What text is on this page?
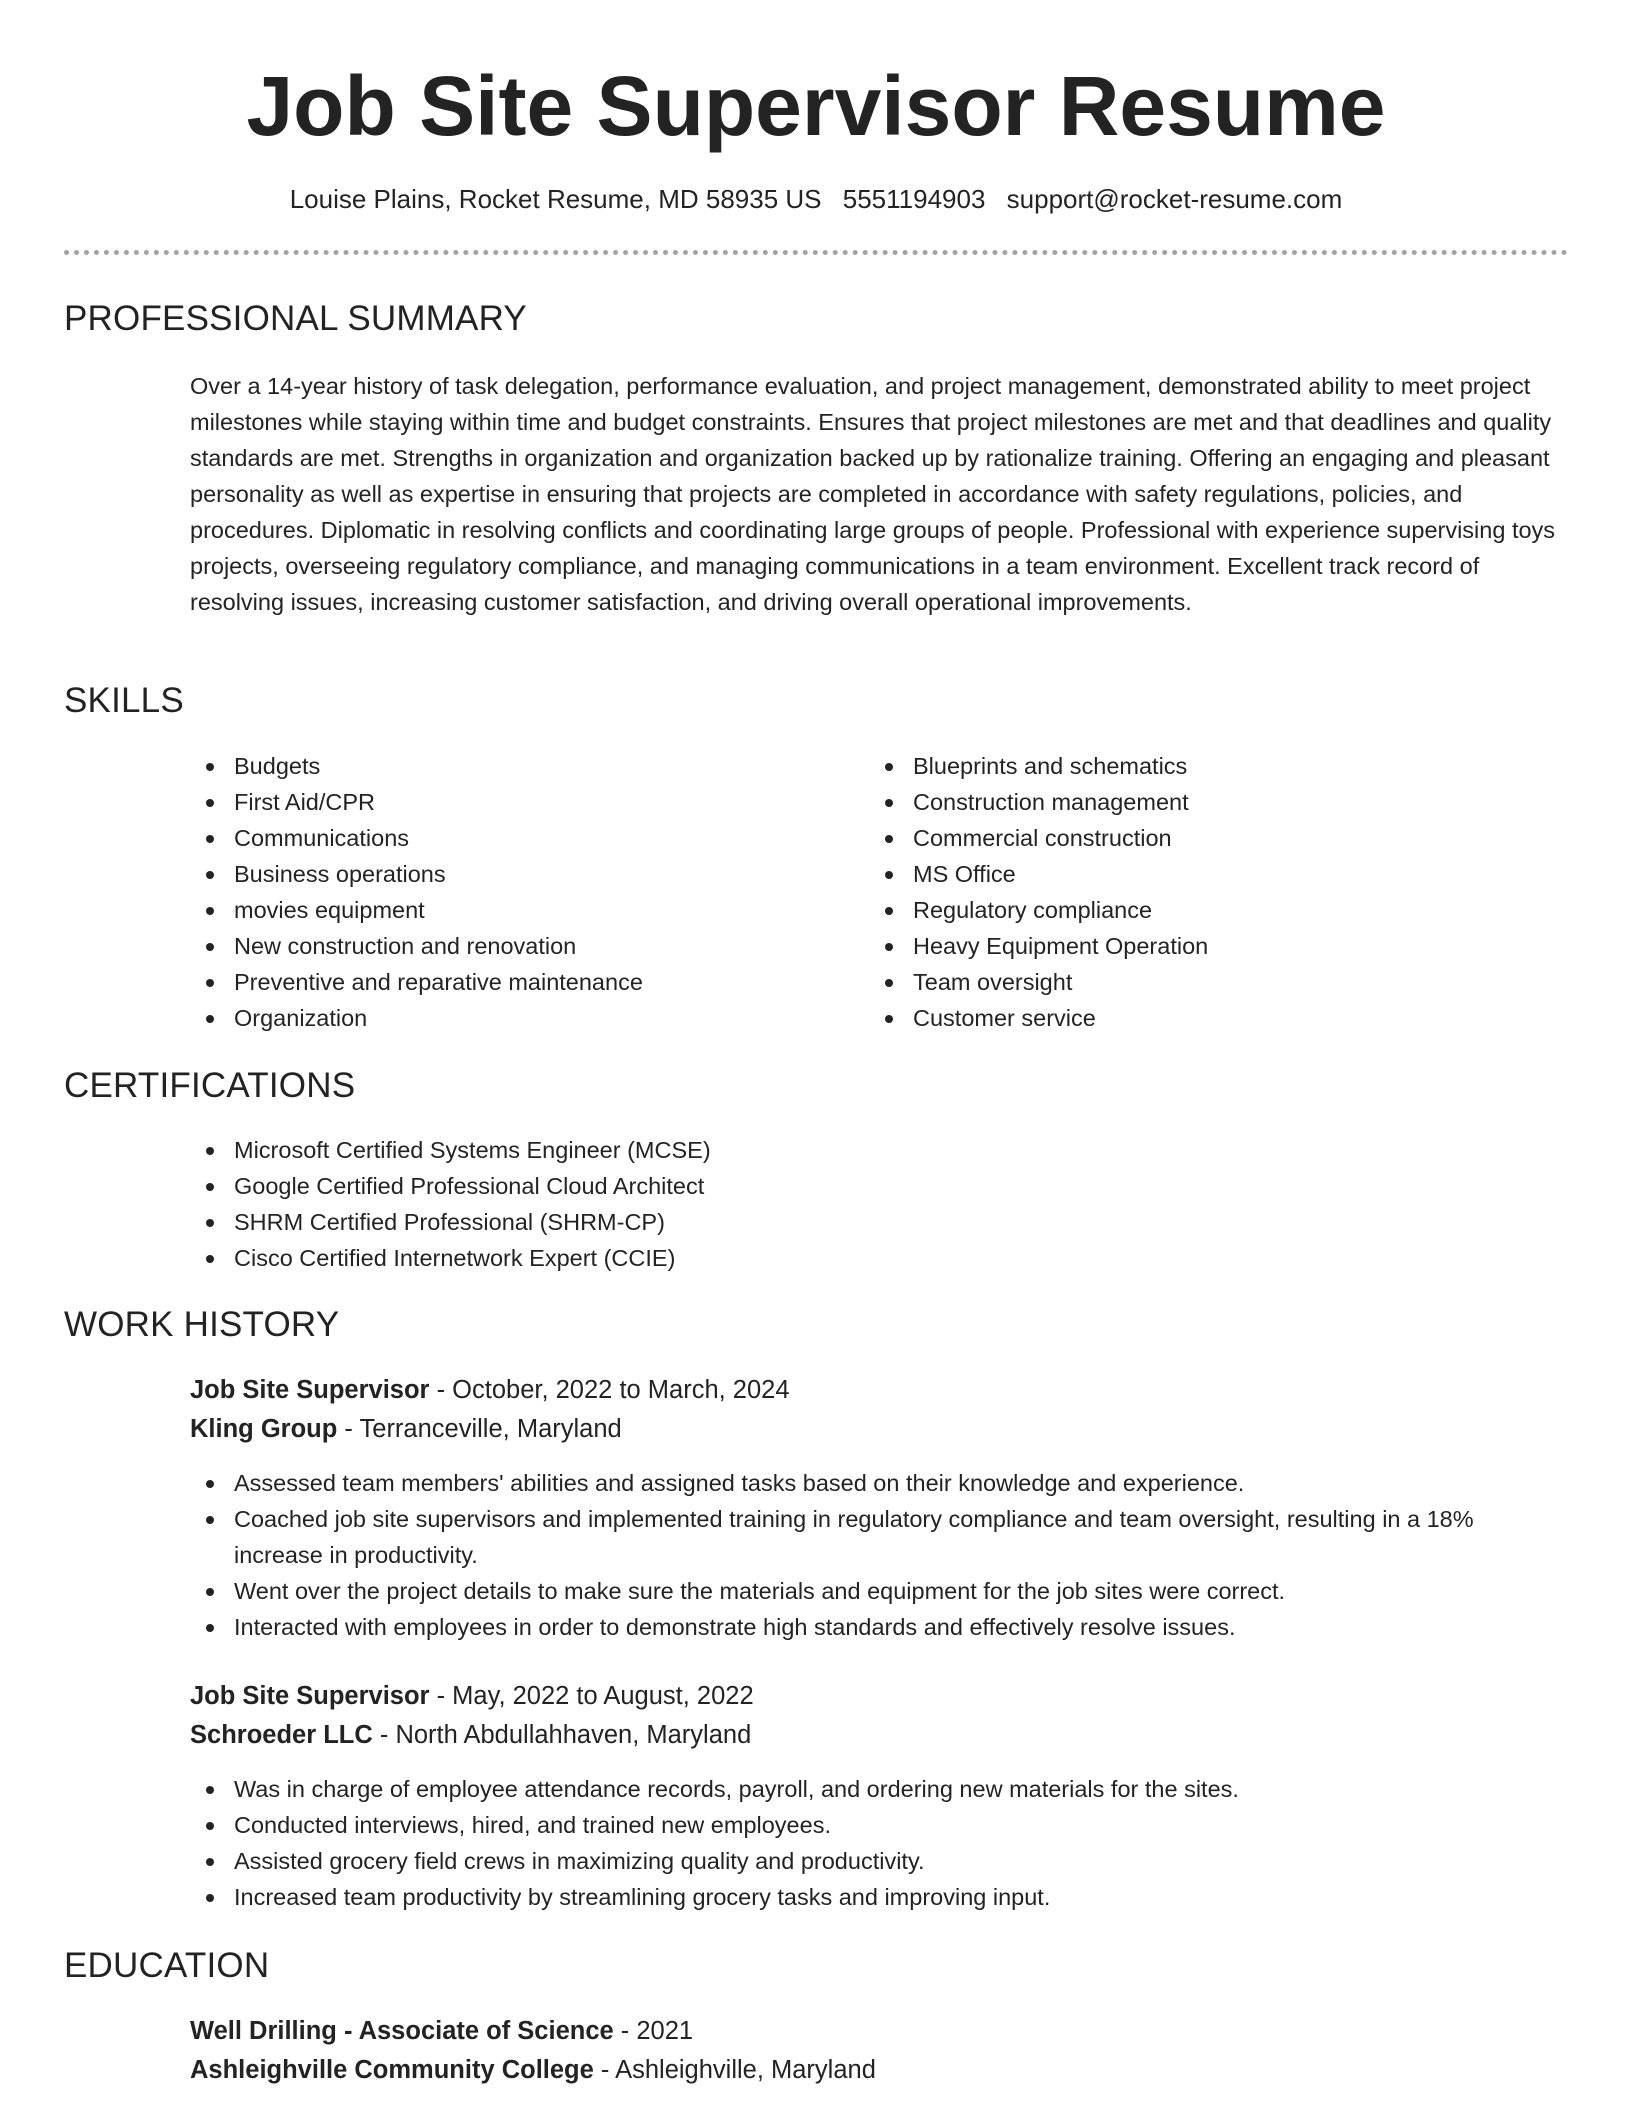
Job Site Supervisor Resume
Louise Plains, Rocket Resume, MD 58935 US 5551194903 support@rocket-resume.com
PROFESSIONAL SUMMARY

Over a 14-year history of task delegation, performance evaluation, and project management, demonstrated ability to meet project milestones while staying within time and budget constraints. Ensures that project milestones are met and that deadlines and quality standards are met. Strengths in organization and organization backed up by rationalize training. Offering an engaging and pleasant personality as well as expertise in ensuring that projects are completed in accordance with safety regulations, policies, and procedures. Diplomatic in resolving conflicts and coordinating large groups of people. Professional with experience supervising toys projects, overseeing regulatory compliance, and managing communications in a team environment. Excellent track record of resolving issues, increasing customer satisfaction, and driving overall operational improvements.

SKILLS
Budgets
First Aid/CPR
Communications
Business operations
movies equipment
New construction and renovation
Preventive and reparative maintenance
Organization
Blueprints and schematics
Construction management
Commercial construction
MS Office
Regulatory compliance
Heavy Equipment Operation
Team oversight
Customer service
CERTIFICATIONS
Microsoft Certified Systems Engineer (MCSE)
Google Certified Professional Cloud Architect
SHRM Certified Professional (SHRM-CP)
Cisco Certified Internetwork Expert (CCIE)
WORK HISTORY

Job Site Supervisor - October, 2022 to March, 2024

Kling Group - Terranceville, Maryland

Assessed team members' abilities and assigned tasks based on their knowledge and experience.
Coached job site supervisors and implemented training in regulatory compliance and team oversight, resulting in a 18% increase in productivity.
Went over the project details to make sure the materials and equipment for the job sites were correct.
Interacted with employees in order to demonstrate high standards and effectively resolve issues.

Job Site Supervisor - May, 2022 to August, 2022

Schroeder LLC - North Abdullahhaven, Maryland

Was in charge of employee attendance records, payroll, and ordering new materials for the sites.
Conducted interviews, hired, and trained new employees.
Assisted grocery field crews in maximizing quality and productivity.
Increased team productivity by streamlining grocery tasks and improving input.
EDUCATION

Well Drilling - Associate of Science - 2021

Ashleighville Community College - Ashleighville, Maryland
